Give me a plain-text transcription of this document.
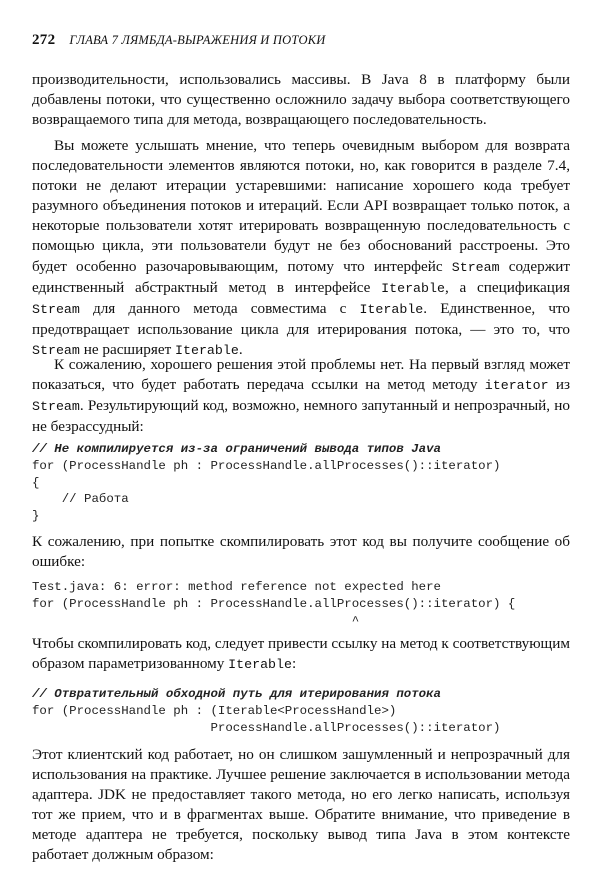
272 ГЛАВА 7 ЛЯМБДА-ВЫРАЖЕНИЯ И ПОТОКИ

производительности, использовались массивы. В Java 8 в платформу были добавлены потоки, что существенно осложнило задачу выбора соответствующего возвращаемого типа для метода, возвращающего последовательность.

Вы можете услышать мнение, что теперь очевидным выбором для возврата последовательности элементов являются потоки, но, как говорится в разделе 7.4, потоки не делают итерации устаревшими: написание хорошего кода требует разумного объединения потоков и итераций. Если API возвращает только поток, а некоторые пользователи хотят итерировать возвращенную последовательность с помощью цикла, эти пользователи будут не без обоснований расстроены. Это будет особенно разочаровывающим, потому что интерфейс Stream содержит единственный абстрактный метод в интерфейсе Iterable, а спецификация Stream для данного метода совместима с Iterable. Единственное, что предотвращает использование цикла для итерирования потока, — это то, что Stream не расширяет Iterable.

К сожалению, хорошего решения этой проблемы нет. На первый взгляд может показаться, что будет работать передача ссылки на метод методу iterator из Stream. Результирующий код, возможно, немного запутанный и непрозрачный, но не безрассудный:

// Не компилируется из-за ограничений вывода типов Java
for (ProcessHandle ph : ProcessHandle.allProcesses()::iterator)
{
// Работа
}

К сожалению, при попытке скомпилировать этот код вы получите сообщение об ошибке:

Test.java: 6: error: method reference not expected here
for (ProcessHandle ph : ProcessHandle.allProcesses()::iterator) {
^

Чтобы скомпилировать код, следует привести ссылку на метод к соответствующим образом параметризованному Iterable:

// Отвратительный обходной путь для итерирования потока
for (ProcessHandle ph : (Iterable<ProcessHandle>)
ProcessHandle.allProcesses()::iterator)

Этот клиентский код работает, но он слишком зашумленный и непрозрачный для использования на практике. Лучшее решение заключается в использовании метода адаптера. JDK не предоставляет такого метода, но его легко написать, используя тот же прием, что и в фрагментах выше. Обратите внимание, что приведение в методе адаптера не требуется, поскольку вывод типа Java в этом контексте работает должным образом:
